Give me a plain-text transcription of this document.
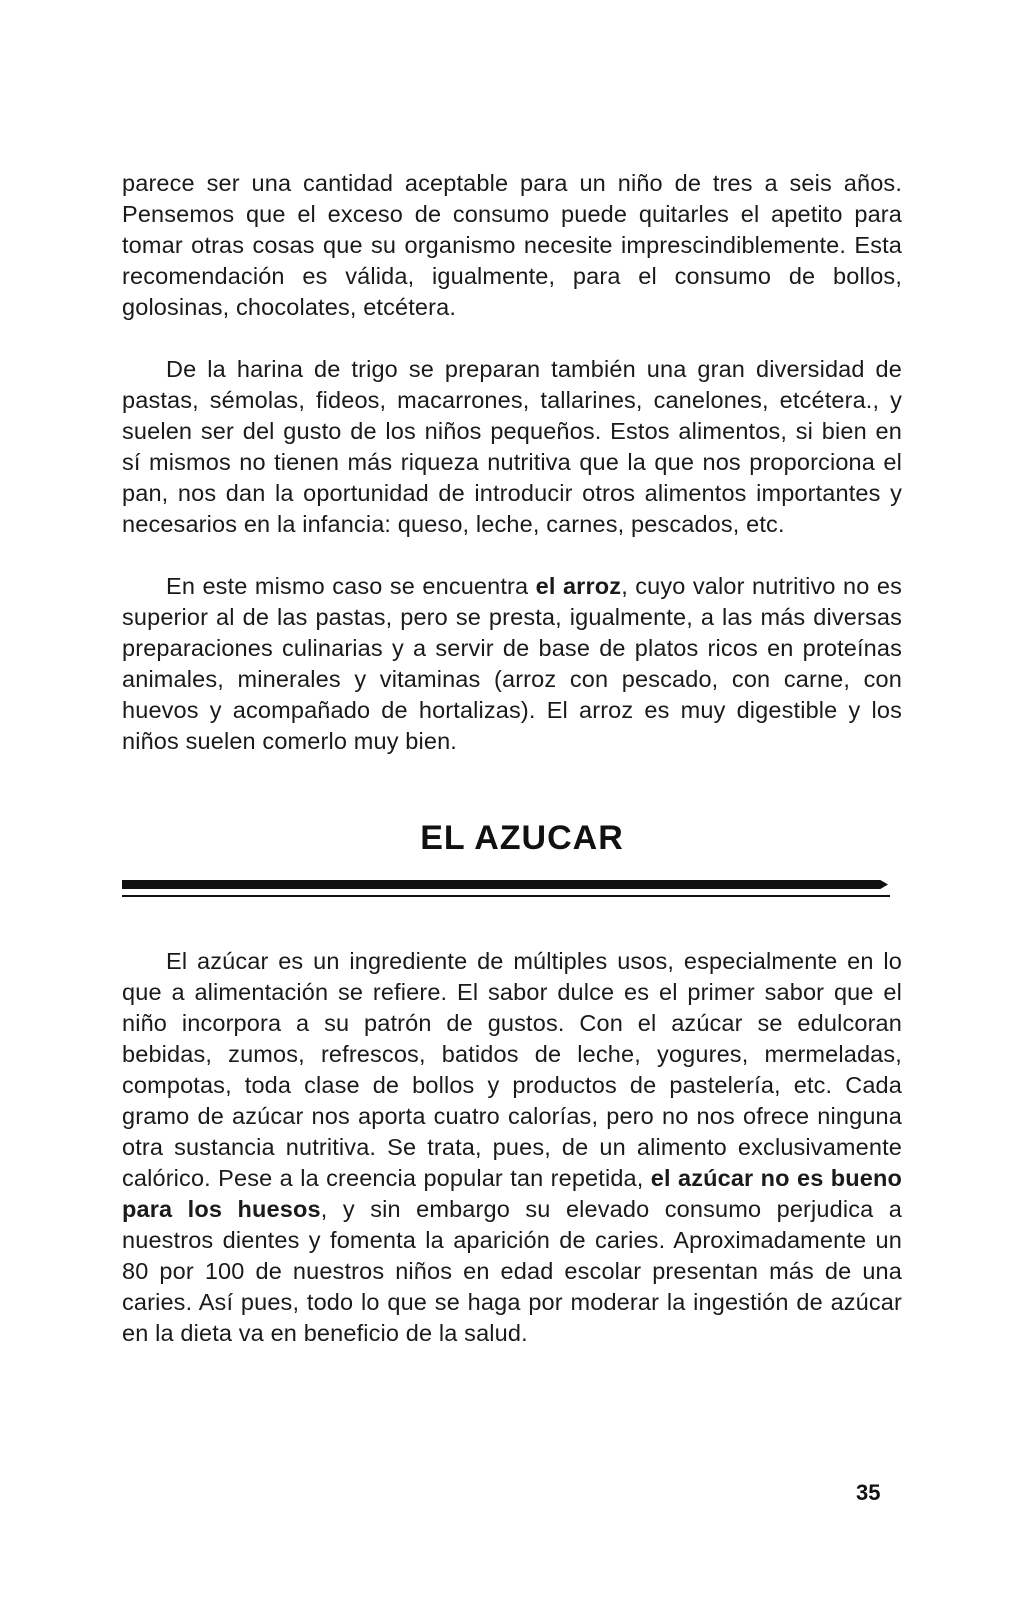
parece ser una cantidad aceptable para un niño de tres a seis años. Pensemos que el exceso de consumo puede quitarles el apetito para tomar otras cosas que su organismo necesite imprescindiblemente. Esta recomendación es válida, igualmente, para el consumo de bollos, golosinas, chocolates, etcétera.

De la harina de trigo se preparan también una gran diversidad de pastas, sémolas, fideos, macarrones, tallarines, canelones, etcétera., y suelen ser del gusto de los niños pequeños. Estos alimentos, si bien en sí mismos no tienen más riqueza nutritiva que la que nos proporciona el pan, nos dan la oportunidad de introducir otros alimentos importantes y necesarios en la infancia: queso, leche, carnes, pescados, etc.

En este mismo caso se encuentra el arroz, cuyo valor nutritivo no es superior al de las pastas, pero se presta, igualmente, a las más diversas preparaciones culinarias y a servir de base de platos ricos en proteínas animales, minerales y vitaminas (arroz con pescado, con carne, con huevos y acompañado de hortalizas). El arroz es muy digestible y los niños suelen comerlo muy bien.

EL AZUCAR

El azúcar es un ingrediente de múltiples usos, especialmente en lo que a alimentación se refiere. El sabor dulce es el primer sabor que el niño incorpora a su patrón de gustos. Con el azúcar se edulcoran bebidas, zumos, refrescos, batidos de leche, yogures, mermeladas, compotas, toda clase de bollos y productos de pastelería, etc. Cada gramo de azúcar nos aporta cuatro calorías, pero no nos ofrece ninguna otra sustancia nutritiva. Se trata, pues, de un alimento exclusivamente calórico. Pese a la creencia popular tan repetida, el azúcar no es bueno para los huesos, y sin embargo su elevado consumo perjudica a nuestros dientes y fomenta la aparición de caries. Aproximadamente un 80 por 100 de nuestros niños en edad escolar presentan más de una caries. Así pues, todo lo que se haga por moderar la ingestión de azúcar en la dieta va en beneficio de la salud.

35
